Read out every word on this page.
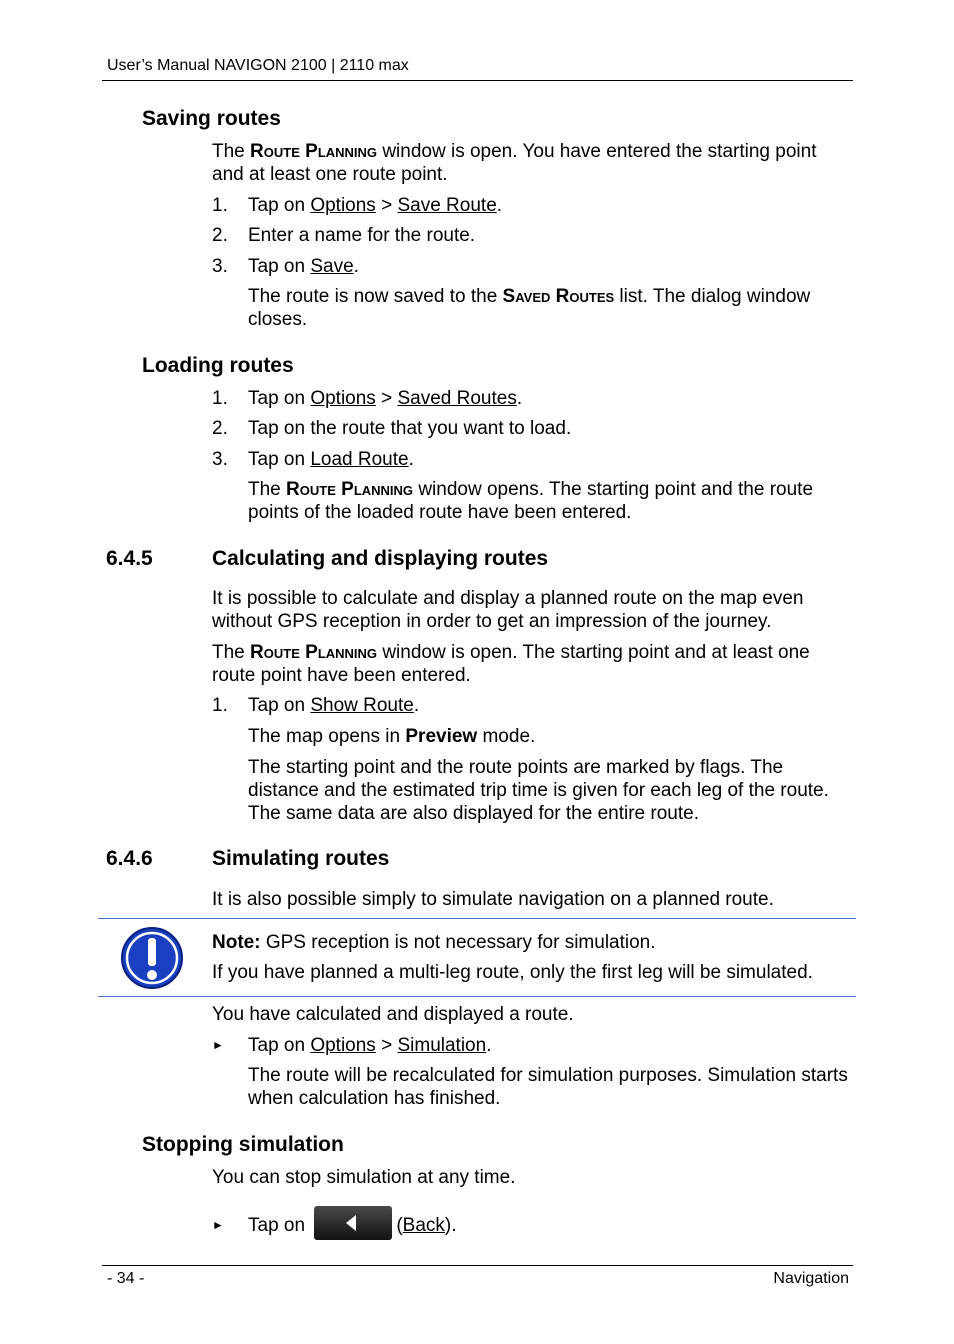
User’s Manual NAVIGON 2100 | 2110 max
Saving routes
The Route Planning window is open. You have entered the starting point and at least one route point.
1. Tap on Options > Save Route.
2. Enter a name for the route.
3. Tap on Save.
The route is now saved to the Saved Routes list. The dialog window closes.
Loading routes
1. Tap on Options > Saved Routes.
2. Tap on the route that you want to load.
3. Tap on Load Route.
The Route Planning window opens. The starting point and the route points of the loaded route have been entered.
6.4.5	Calculating and displaying routes
It is possible to calculate and display a planned route on the map even without GPS reception in order to get an impression of the journey.
The Route Planning window is open. The starting point and at least one route point have been entered.
1. Tap on Show Route.
The map opens in Preview mode.
The starting point and the route points are marked by flags. The distance and the estimated trip time is given for each leg of the route. The same data are also displayed for the entire route.
6.4.6	Simulating routes
It is also possible simply to simulate navigation on a planned route.
Note: GPS reception is not necessary for simulation.
If you have planned a multi-leg route, only the first leg will be simulated.
You have calculated and displayed a route.
► Tap on Options > Simulation.
The route will be recalculated for simulation purposes. Simulation starts when calculation has finished.
Stopping simulation
You can stop simulation at any time.
► Tap on	(Back).
- 34 -	Navigation
